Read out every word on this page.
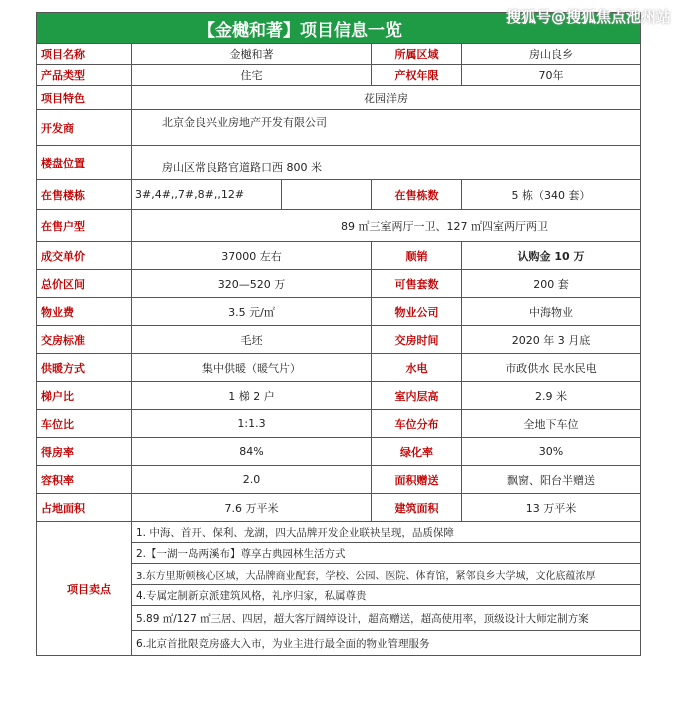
搜狐号@搜狐焦点池州站
【金樾和著】项目信息一览				
项目名称	金樾和著		所属区域	房山良乡
产品类型	住宅		产权年限	70年
项目特色	花园洋房			
开发商	北京金良兴业房地产开发有限公司			
楼盘位置	房山区常良路官道路口西 800 米			
在售楼栋	3#,4#,,7#,8#,,12#		在售栋数	5 栋（340 套）
在售户型	89 ㎡三室两厅一卫、127 ㎡四室两厅两卫			
成交单价	37000 左右		顺销	认购金 10 万
总价区间	320—520 万		可售套数	200 套
物业费	3.5 元/㎡		物业公司	中海物业
交房标准	毛坯		交房时间	2020 年 3 月底
供暖方式	集中供暖（暖气片）		水电	市政供水 民水民电
梯户比	1 梯 2 户		室内层高	2.9 米
车位比	1:1.3		车位分布	全地下车位
得房率	84%		绿化率	30%
容积率	2.0		面积赠送	飘窗、阳台半赠送
占地面积	7.6 万平米		建筑面积	13 万平米
项目卖点	1. 中海、首开、保利、龙湖，四大品牌开发企业联袂呈现，品质保障			
	2.【一湖一岛两溪布】尊享古典园林生活方式			
	3.东方里斯顿核心区域，大品牌商业配套，学校、公园、医院、体育馆，紧邻良乡大学城，文化底蕴浓厚			
	4.专属定制新京派建筑风格，礼序归家，私属尊贵			
	5.89 ㎡/127 ㎡三居、四居，超大客厅阔绰设计，超高赠送，超高使用率，顶级设计大师定制方案			
	6.北京首批限竞房盛大入市，为业主进行最全面的物业管理服务			
